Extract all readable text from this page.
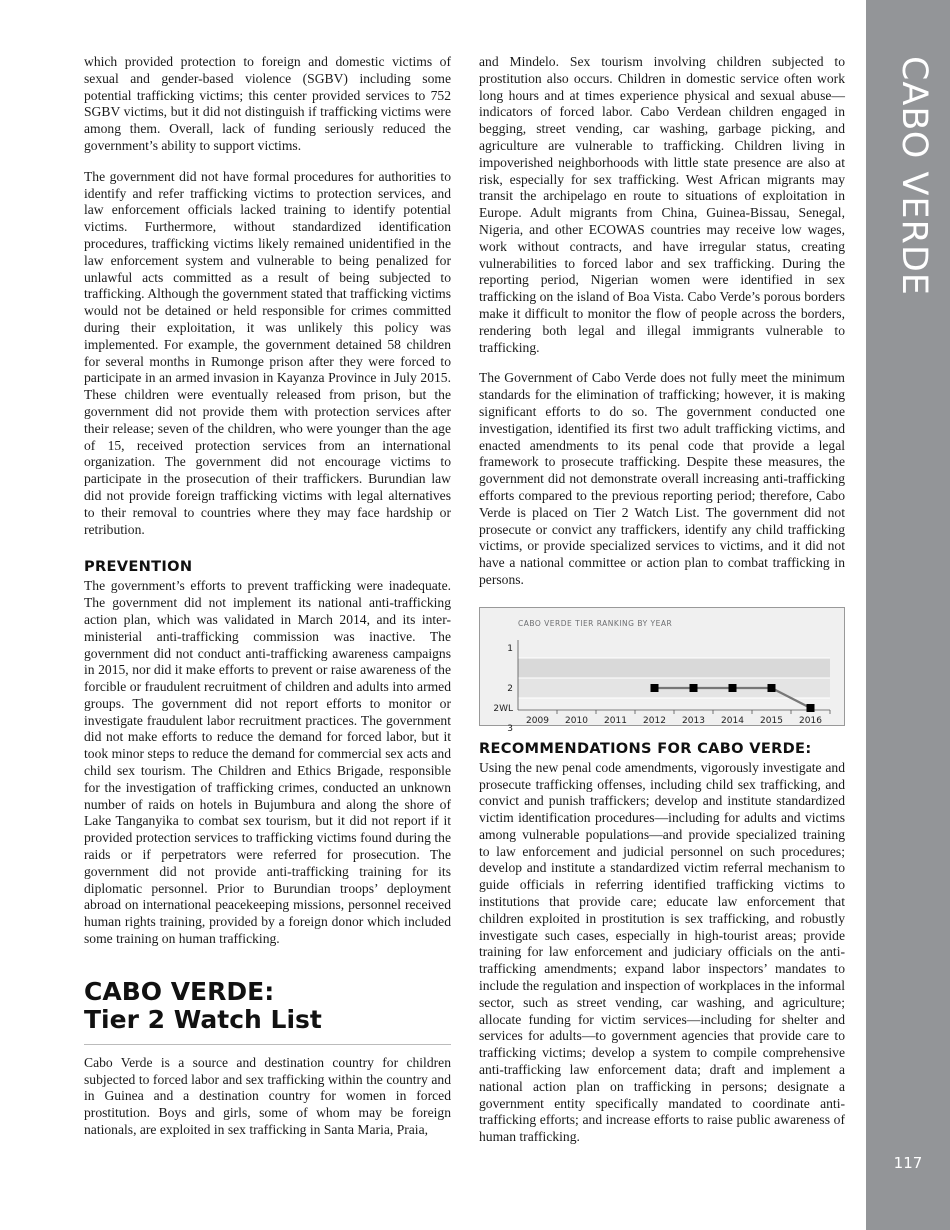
which provided protection to foreign and domestic victims of sexual and gender-based violence (SGBV) including some potential trafficking victims; this center provided services to 752 SGBV victims, but it did not distinguish if trafficking victims were among them. Overall, lack of funding seriously reduced the government’s ability to support victims.

The government did not have formal procedures for authorities to identify and refer trafficking victims to protection services, and law enforcement officials lacked training to identify potential victims. Furthermore, without standardized identification procedures, trafficking victims likely remained unidentified in the law enforcement system and vulnerable to being penalized for unlawful acts committed as a result of being subjected to trafficking. Although the government stated that trafficking victims would not be detained or held responsible for crimes committed during their exploitation, it was unlikely this policy was implemented. For example, the government detained 58 children for several months in Rumonge prison after they were forced to participate in an armed invasion in Kayanza Province in July 2015. These children were eventually released from prison, but the government did not provide them with protection services after their release; seven of the children, who were younger than the age of 15, received protection services from an international organization. The government did not encourage victims to participate in the prosecution of their traffickers. Burundian law did not provide foreign trafficking victims with legal alternatives to their removal to countries where they may face hardship or retribution.

PREVENTION

The government’s efforts to prevent trafficking were inadequate. The government did not implement its national anti-trafficking action plan, which was validated in March 2014, and its inter-ministerial anti-trafficking commission was inactive. The government did not conduct anti-trafficking awareness campaigns in 2015, nor did it make efforts to prevent or raise awareness of the forcible or fraudulent recruitment of children and adults into armed groups. The government did not report efforts to monitor or investigate fraudulent labor recruitment practices. The government did not make efforts to reduce the demand for forced labor, but it took minor steps to reduce the demand for commercial sex acts and child sex tourism. The Children and Ethics Brigade, responsible for the investigation of trafficking crimes, conducted an unknown number of raids on hotels in Bujumbura and along the shore of Lake Tanganyika to combat sex tourism, but it did not report if it provided protection services to trafficking victims found during the raids or if perpetrators were referred for prosecution. The government did not provide anti-trafficking training for its diplomatic personnel. Prior to Burundian troops’ deployment abroad on international peacekeeping missions, personnel received human rights training, provided by a foreign donor which included some training on human trafficking.

CABO VERDE:
Tier 2 Watch List

Cabo Verde is a source and destination country for children subjected to forced labor and sex trafficking within the country and in Guinea and a destination country for women in forced prostitution. Boys and girls, some of whom may be foreign nationals, are exploited in sex trafficking in Santa Maria, Praia,

and Mindelo. Sex tourism involving children subjected to prostitution also occurs. Children in domestic service often work long hours and at times experience physical and sexual abuse—indicators of forced labor. Cabo Verdean children engaged in begging, street vending, car washing, garbage picking, and agriculture are vulnerable to trafficking. Children living in impoverished neighborhoods with little state presence are also at risk, especially for sex trafficking. West African migrants may transit the archipelago en route to situations of exploitation in Europe. Adult migrants from China, Guinea-Bissau, Senegal, Nigeria, and other ECOWAS countries may receive low wages, work without contracts, and have irregular status, creating vulnerabilities to forced labor and sex trafficking. During the reporting period, Nigerian women were identified in sex trafficking on the island of Boa Vista. Cabo Verde’s porous borders make it difficult to monitor the flow of people across the borders, rendering both legal and illegal immigrants vulnerable to trafficking.

The Government of Cabo Verde does not fully meet the minimum standards for the elimination of trafficking; however, it is making significant efforts to do so. The government conducted one investigation, identified its first two adult trafficking victims, and enacted amendments to its penal code that provide a legal framework to prosecute trafficking. Despite these measures, the government did not demonstrate overall increasing anti-trafficking efforts compared to the previous reporting period; therefore, Cabo Verde is placed on Tier 2 Watch List. The government did not prosecute or convict any traffickers, identify any child trafficking victims, or provide specialized services to victims, and it did not have a national committee or action plan to combat trafficking in persons.

CABO VERDE TIER RANKING BY YEAR
1
2
2WL
3
2009 2010 2011 2012 2013 2014 2015 2016
RECOMMENDATIONS FOR CABO VERDE:

Using the new penal code amendments, vigorously investigate and prosecute trafficking offenses, including child sex trafficking, and convict and punish traffickers; develop and institute standardized victim identification procedures—including for adults and victims among vulnerable populations—and provide specialized training to law enforcement and judicial personnel on such procedures; develop and institute a standardized victim referral mechanism to guide officials in referring identified trafficking victims to institutions that provide care; educate law enforcement that children exploited in prostitution is sex trafficking, and robustly investigate such cases, especially in high-tourist areas; provide training for law enforcement and judiciary officials on the anti-trafficking amendments; expand labor inspectors’ mandates to include the regulation and inspection of workplaces in the informal sector, such as street vending, car washing, and agriculture; allocate funding for victim services—including for shelter and services for adults—to government agencies that provide care to trafficking victims; develop a system to compile comprehensive anti-trafficking law enforcement data; draft and implement a national action plan on trafficking in persons; designate a government entity specifically mandated to coordinate anti-trafficking efforts; and increase efforts to raise public awareness of human trafficking.

CABO VERDE
117
